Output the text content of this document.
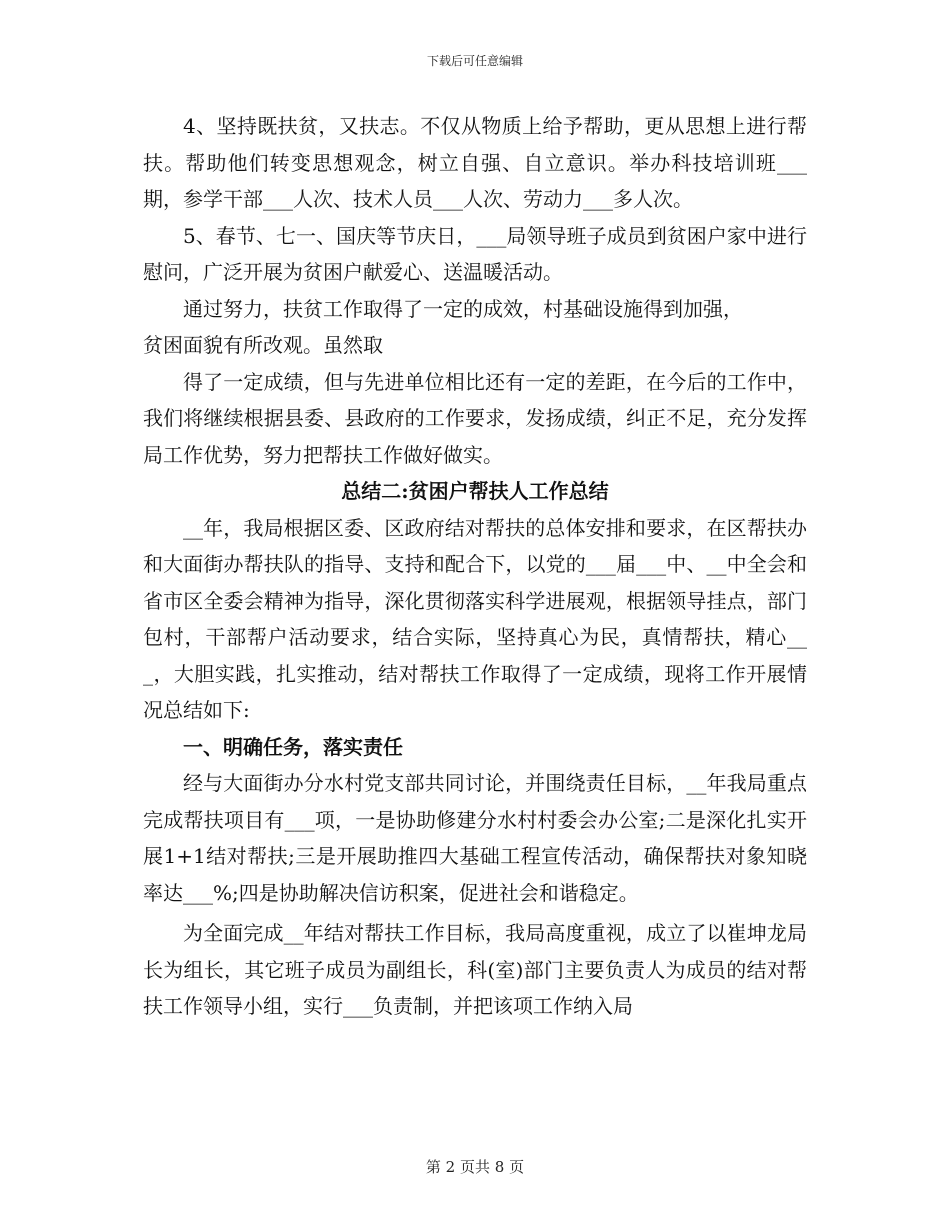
下载后可任意编辑

4、坚持既扶贫，又扶志。不仅从物质上给予帮助，更从思想上进行帮扶。帮助他们转变思想观念，树立自强、自立意识。举办科技培训班___期，参学干部___人次、技术人员___人次、劳动力___多人次。

5、春节、七一、国庆等节庆日，___局领导班子成员到贫困户家中进行慰问，广泛开展为贫困户献爱心、送温暖活动。

通过努力，扶贫工作取得了一定的成效，村基础设施得到加强，

贫困面貌有所改观。虽然取

得了一定成绩，但与先进单位相比还有一定的差距，在今后的工作中，我们将继续根据县委、县政府的工作要求，发扬成绩，纠正不足，充分发挥局工作优势，努力把帮扶工作做好做实。

总结二:贫困户帮扶人工作总结

__年，我局根据区委、区政府结对帮扶的总体安排和要求，在区帮扶办和大面街办帮扶队的指导、支持和配合下，以党的___届___中、__中全会和省市区全委会精神为指导，深化贯彻落实科学进展观，根据领导挂点，部门包村，干部帮户活动要求，结合实际，坚持真心为民，真情帮扶，精心___，大胆实践，扎实推动，结对帮扶工作取得了一定成绩，现将工作开展情况总结如下:

一、明确任务，落实责任

经与大面街办分水村党支部共同讨论，并围绕责任目标，__年我局重点完成帮扶项目有___项，一是协助修建分水村村委会办公室;二是深化扎实开展1+1结对帮扶;三是开展助推四大基础工程宣传活动，确保帮扶对象知晓率达___%;四是协助解决信访积案，促进社会和谐稳定。

为全面完成__年结对帮扶工作目标，我局高度重视，成立了以崔坤龙局长为组长，其它班子成员为副组长，科(室)部门主要负责人为成员的结对帮扶工作领导小组，实行___负责制，并把该项工作纳入局

第 2 页共 8 页
